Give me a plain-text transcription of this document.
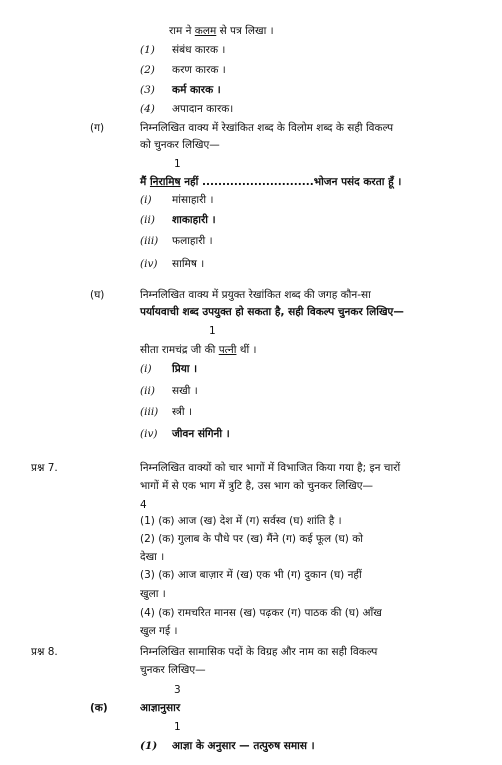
राम ने कलम से पत्र लिखा ।
(1) संबंध कारक ।
(2) करण कारक ।
(3) कर्म कारक ।
(4) अपादान कारक।
(ग)	निम्नलिखित वाक्य में रेखांकित शब्द के विलोम शब्द के सही विकल्प
को चुनकर लिखिए—
1
मैं निरामिष नहीं ............................भोजन पसंद करता हूँ ।
(i) मांसाहारी ।
(ii) शाकाहारी ।
(iii) फलाहारी ।
(iv) सामिष ।
(घ)	निम्नलिखित वाक्य में प्रयुक्त रेखांकित शब्द की जगह कौन-सा
पर्यायवाची शब्द उपयुक्त हो सकता है, सही विकल्प चुनकर लिखिए—
1
सीता रामचंद्र जी की पत्नी थीं ।
(i) प्रिया ।
(ii) सखी ।
(iii) स्त्री ।
(iv) जीवन संगिनी ।
प्रश्न 7.	निम्नलिखित वाक्यों को चार भागों में विभाजित किया गया है; इन चारों
भागों में से एक भाग में त्रुटि है, उस भाग को चुनकर लिखिए—
4
(1) (क) आज (ख) देश में (ग) सर्वस्व (घ) शांति है ।
(2) (क) गुलाब के पौधे पर (ख) मैंने (ग) कई फूल (घ) को
देखा ।
(3) (क) आज बाज़ार में (ख) एक भी (ग) दुकान (घ) नहीं
खुला ।
(4) (क) रामचरित मानस (ख) पढ़कर (ग) पाठक की (घ) आँख
खुल गई ।
प्रश्न 8.	निम्नलिखित सामासिक पदों के विग्रह और नाम का सही विकल्प
चुनकर लिखिए—
3
(क)	आज्ञानुसार
1
(1) आज्ञा के अनुसार — तत्पुरुष समास ।
